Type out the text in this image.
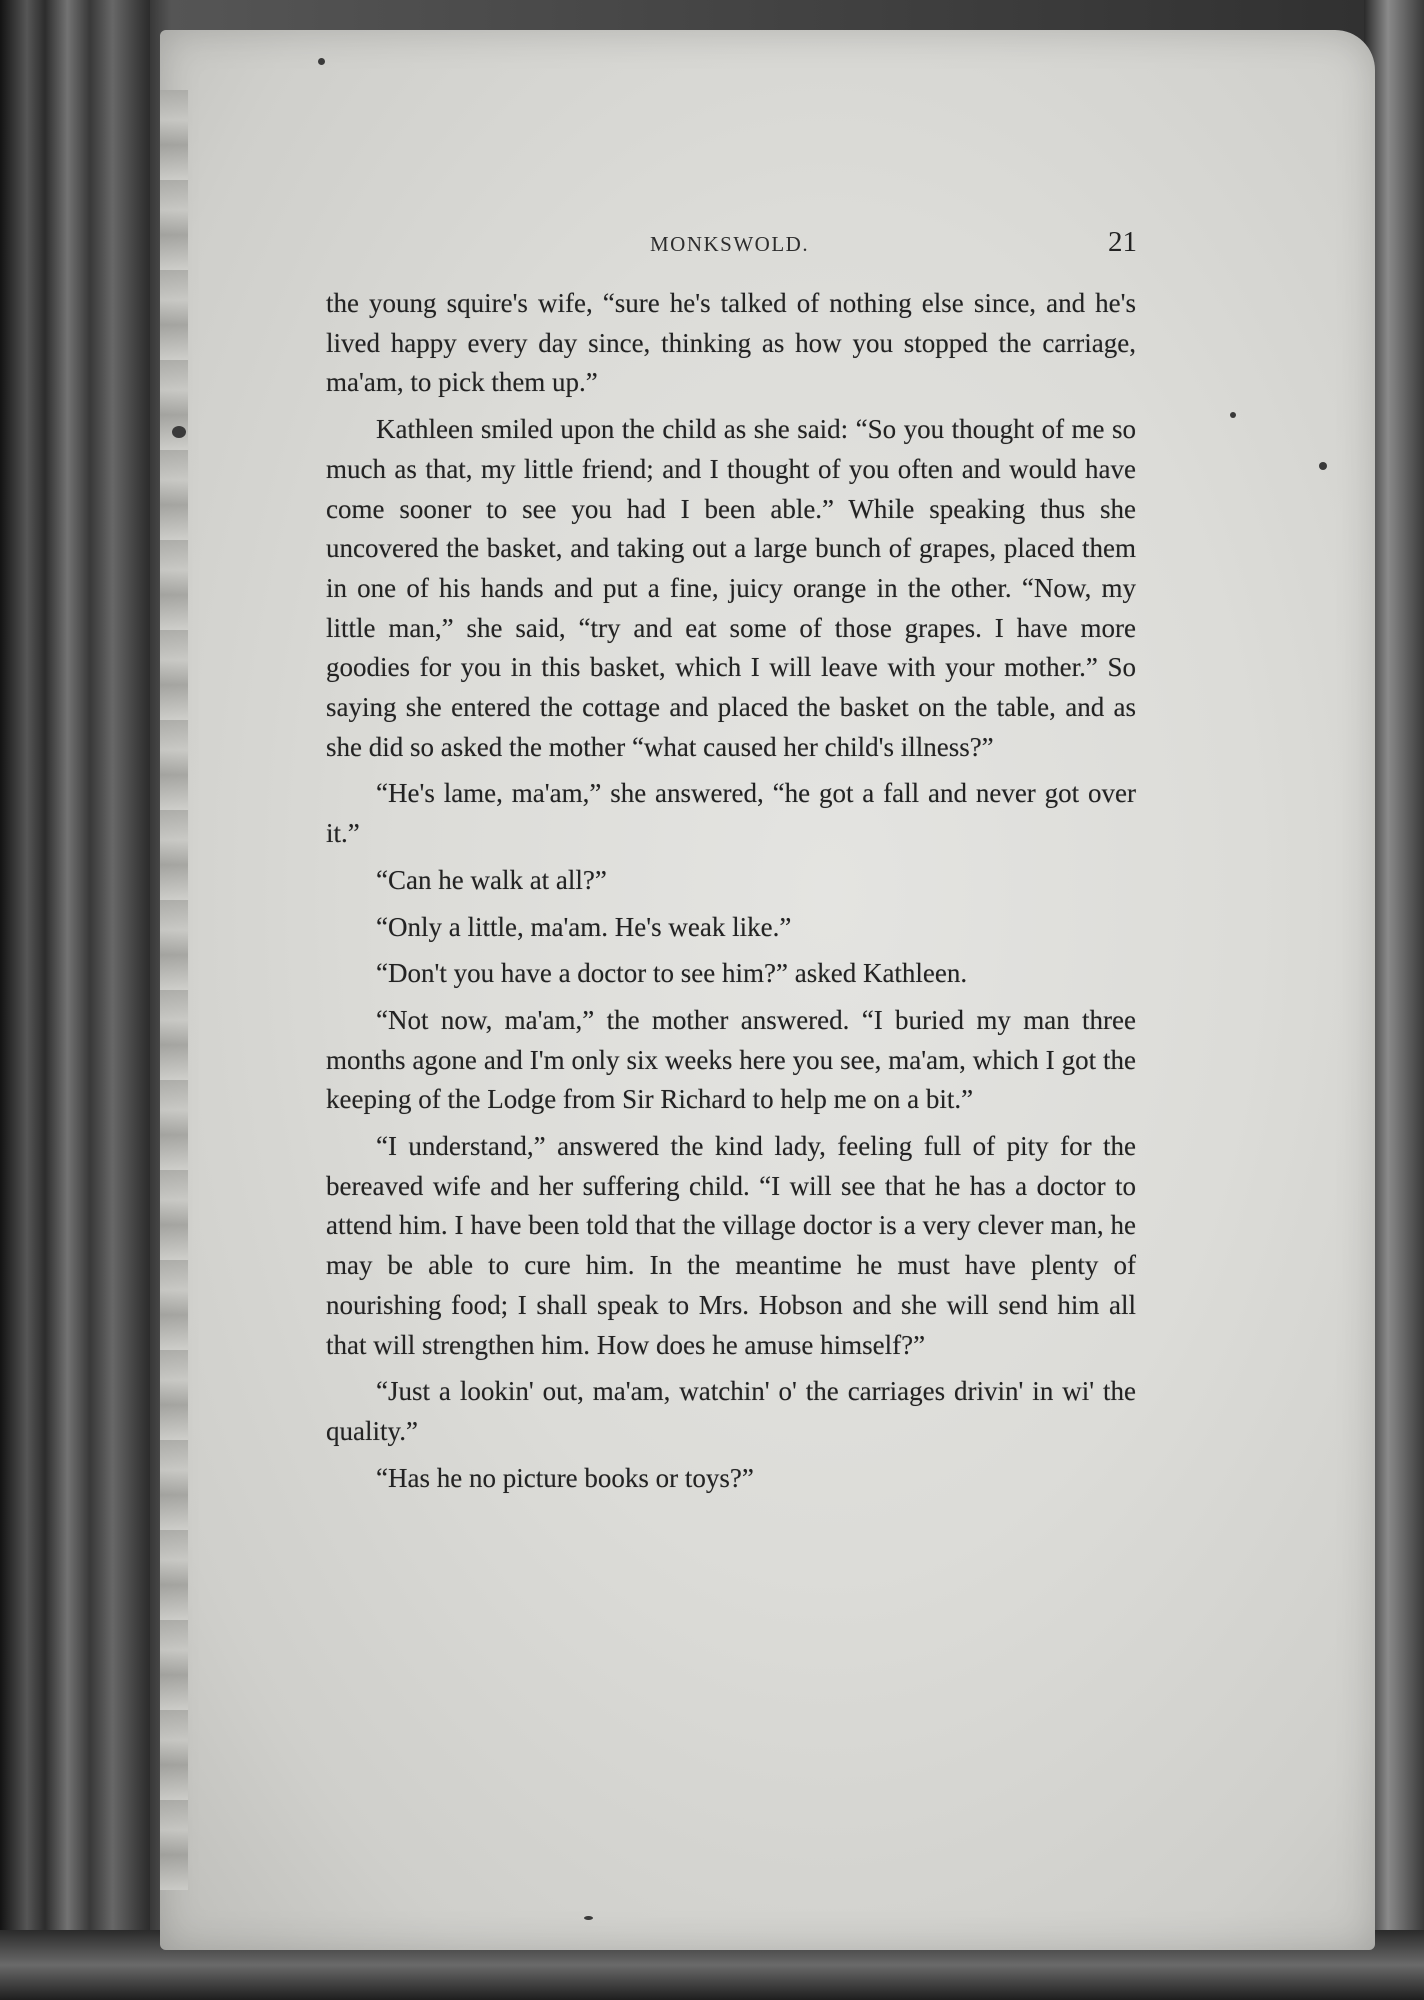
MONKSWOLD.	21

the young squire's wife, “sure he's talked of nothing else since, and he's lived happy every day since, thinking as how you stopped the carriage, ma'am, to pick them up.”

Kathleen smiled upon the child as she said: “So you thought of me so much as that, my little friend; and I thought of you often and would have come sooner to see you had I been able.” While speaking thus she uncovered the basket, and taking out a large bunch of grapes, placed them in one of his hands and put a fine, juicy orange in the other. “Now, my little man,” she said, “try and eat some of those grapes. I have more goodies for you in this basket, which I will leave with your mother.” So saying she entered the cottage and placed the basket on the table, and as she did so asked the mother “what caused her child's illness?”

“He's lame, ma'am,” she answered, “he got a fall and never got over it.”

“Can he walk at all?”

“Only a little, ma'am. He's weak like.”

“Don't you have a doctor to see him?” asked Kathleen.

“Not now, ma'am,” the mother answered. “I buried my man three months agone and I'm only six weeks here you see, ma'am, which I got the keeping of the Lodge from Sir Richard to help me on a bit.”

“I understand,” answered the kind lady, feeling full of pity for the bereaved wife and her suffering child. “I will see that he has a doctor to attend him. I have been told that the village doctor is a very clever man, he may be able to cure him. In the meantime he must have plenty of nourishing food; I shall speak to Mrs. Hobson and she will send him all that will strengthen him. How does he amuse himself?”

“Just a lookin' out, ma'am, watchin' o' the carriages drivin' in wi' the quality.”

“Has he no picture books or toys?”
